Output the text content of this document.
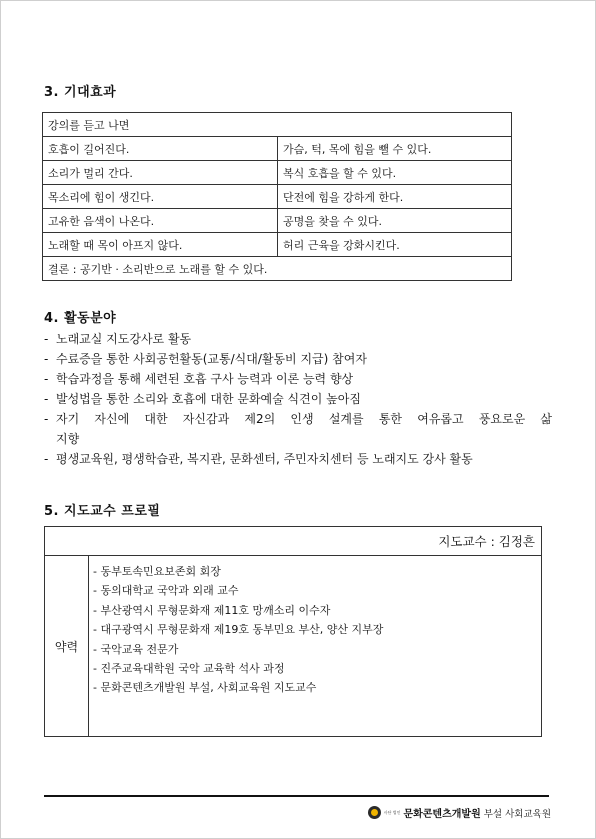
3. 기대효과
강의를 듣고 나면	
호흡이 길어진다.	가슴, 턱, 목에 힘을 뺄 수 있다.
소리가 멀리 간다.	복식 호흡을 할 수 있다.
목소리에 힘이 생긴다.	단전에 힘을 강하게 한다.
고유한 음색이 나온다.	공명을 찾을 수 있다.
노래할 때 목이 아프지 않다.	허리 근육을 강화시킨다.
결론 : 공기반 · 소리반으로 노래를 할 수 있다.	
4. 활동분야
- 노래교실 지도강사로 활동
- 수료증을 통한 사회공헌활동(교통/식대/활동비 지급) 참여자
- 학습과정을 통해 세련된 호흡 구사 능력과 이론 능력 향상
- 발성법을 통한 소리와 호흡에 대한 문화예술 식견이 높아짐
- 자기 자신에 대한 자신감과 제2의 인생 설계를 통한 여유롭고 풍요로운 삶
지향
- 평생교육원, 평생학습관, 복지관, 문화센터, 주민자치센터 등 노래지도 강사 활동
5. 지도교수 프로필
지도교수 : 김정흔
약력	
- 동부토속민요보존회 회장
- 동의대학교 국악과 외래 교수
- 부산광역시 무형문화재 제11호 망깨소리 이수자
- 대구광역시 무형문화재 제19호 동부민요 부산, 양산 지부장
- 국악교육 전문가
- 진주교육대학원 국악 교육학 석사 과정
- 문화콘텐츠개발원 부설, 사회교육원 지도교수
사단 법인 문화콘텐츠개발원 부설 사회교육원
